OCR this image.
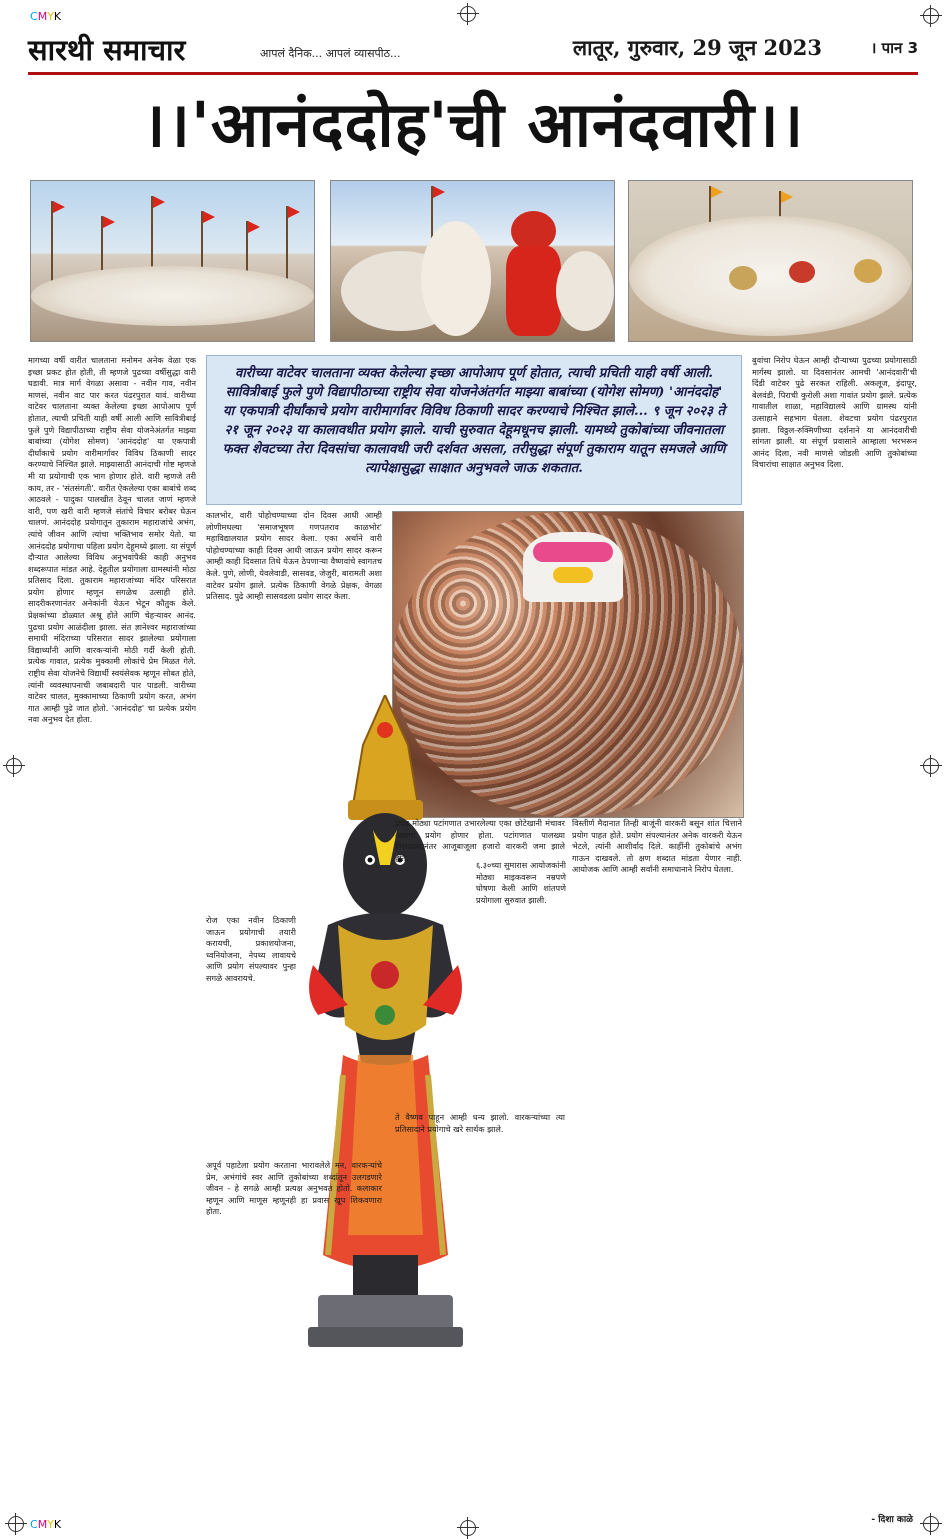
CMYK
CMYK
सारथी समाचार	आपलं दैनिक... आपलं व्यासपीठ...	लातूर, गुरुवार, 29 जून 2023	। पान 3
।।'आनंददोह'ची आनंदवारी।।
वारीच्या वाटेवर चालताना व्यक्त केलेल्या इच्छा आपोआप पूर्ण होतात, त्याची प्रचिती याही वर्षी आली. सावित्रीबाई फुले पुणे विद्यापीठाच्या राष्ट्रीय सेवा योजनेअंतर्गत माझ्या बाबांच्या (योगेश सोमण) 'आनंददोह' या एकपात्री दीर्घांकाचे प्रयोग वारीमार्गावर विविध ठिकाणी सादर करण्याचे निश्चित झाले... ९ जून २०२३ ते २१ जून २०२३ या कालावधीत प्रयोग झाले. याची सुरुवात देहूमधूनच झाली. यामध्ये तुकोबांच्या जीवनातला फक्त शेवटच्या तेरा दिवसांचा कालावधी जरी दर्शवत असला, तरीसुद्धा संपूर्ण तुकाराम यातून समजले आणि त्यापेक्षासुद्धा साक्षात अनुभवले जाऊ शकतात.
मागच्या वर्षी वारीत चालताना मनोमन अनेक वेळा एक इच्छा प्रकट होत होती, ती म्हणजे पुढच्या वर्षीसुद्धा वारी घडावी. मात्र मार्ग वेगळा असावा - नवीन गाव, नवीन माणसं, नवीन वाट पार करत पंढरपुरात यावं. वारीच्या वाटेवर चालताना व्यक्त केलेल्या इच्छा आपोआप पूर्ण होतात, त्याची प्रचिती याही वर्षी आली आणि सावित्रीबाई फुले पुणे विद्यापीठाच्या राष्ट्रीय सेवा योजनेअंतर्गत माझ्या बाबांच्या (योगेश सोमण) 'आनंददोह' या एकपात्री दीर्घांकाचे प्रयोग वारीमार्गावर विविध ठिकाणी सादर करण्याचे निश्चित झाले. माझ्यासाठी आनंदाची गोष्ट म्हणजे मी या प्रयोगाची एक भाग होणार होते. वारी म्हणजे तरी काय, तर - 'संतसंगती'. वारीत ऐकलेल्या एका बाबांचे शब्द आठवले - पादुका पालखीत ठेवून चालत जाणं म्हणजे वारी, पण खरी वारी म्हणजे संतांचे विचार बरोबर घेऊन चालणं. आनंददोह प्रयोगातून तुकाराम महाराजांचे अभंग, त्यांचे जीवन आणि त्यांचा भक्तिभाव समोर येतो. या आनंददोह प्रयोगाचा पहिला प्रयोग देहूमध्ये झाला. या संपूर्ण दौऱ्यात आलेल्या विविध अनुभवांपैकी काही अनुभव शब्दरूपात मांडत आहे. देहूतील प्रयोगाला ग्रामस्थांनी मोठा प्रतिसाद दिला. तुकाराम महाराजांच्या मंदिर परिसरात प्रयोग होणार म्हणून सगळेच उत्साही होते. सादरीकरणानंतर अनेकांनी येऊन भेटून कौतुक केले. प्रेक्षकांच्या डोळ्यात अश्रू होते आणि चेहऱ्यावर आनंद. पुढचा प्रयोग आळंदीला झाला. संत ज्ञानेश्वर महाराजांच्या समाधी मंदिराच्या परिसरात सादर झालेल्या प्रयोगाला विद्यार्थ्यांनी आणि वारकऱ्यांनी मोठी गर्दी केली होती. प्रत्येक गावात, प्रत्येक मुक्कामी लोकांचे प्रेम मिळत गेले. राष्ट्रीय सेवा योजनेचे विद्यार्थी स्वयंसेवक म्हणून सोबत होते, त्यांनी व्यवस्थापनाची जबाबदारी पार पाडली. वारीच्या वाटेवर चालत, मुक्कामाच्या ठिकाणी प्रयोग करत, अभंग गात आम्ही पुढे जात होतो. 'आनंददोह' चा प्रत्येक प्रयोग नवा अनुभव देत होता.
कालभोर, वारी पोहोचण्याच्या दोन दिवस आधी आम्ही लोणीमधल्या 'समाजभूषण गणपतराव काळभोर' महाविद्यालयात प्रयोग सादर केला. एका अर्थाने वारी पोहोचण्याच्या काही दिवस आधी जाऊन प्रयोग सादर करून आम्ही काही दिवसात तिथे येऊन ठेपणाऱ्या वैष्णवांचे स्वागतच केले. पुणे, लोणी, येवलेवाडी, सासवड, जेजुरी, बारामती अशा वाटेवर प्रयोग झाले. प्रत्येक ठिकाणी वेगळे प्रेक्षक, वेगळा प्रतिसाद. पुढे आम्ही सासवडला प्रयोग सादर केला.
रोज एका नवीन ठिकाणी जाऊन प्रयोगाची तयारी करायची, प्रकाशयोजना, ध्वनियोजना, नेपथ्य लावायचे आणि प्रयोग संपल्यावर पुन्हा सगळे आवरायचे.
अपूर्व पहाटेला प्रयोग करताना भारावलेले मन, वारकऱ्यांचे प्रेम, अभंगांचे स्वर आणि तुकोबांच्या शब्दांतून उलगडणारे जीवन - हे सगळे आम्ही प्रत्यक्ष अनुभवत होतो. कलाकार म्हणून आणि माणूस म्हणूनही हा प्रवास खूप शिकवणारा होता.
प्रचंड मोठ्या पटांगणात उभारलेल्या एका छोटेखानी मंचावर आमचा प्रयोग होणार होता. पटांगणात पालख्या विसावल्यानंतर आजूबाजूला हजारो वारकरी जमा झाले होते.
६.३०च्या सुमारास आयोजकांनी मोठ्या माइकवरून नम्रपणे घोषणा केली आणि शांतपणे प्रयोगाला सुरुवात झाली.
ते वैष्णव पाहून आम्ही धन्य झालो. वारकऱ्यांच्या त्या प्रतिसादाने प्रयोगाचे खरे सार्थक झाले.
विस्तीर्ण मैदानात तिन्ही बाजूंनी वारकरी बसून शांत चित्ताने प्रयोग पाहत होते. प्रयोग संपल्यानंतर अनेक वारकरी येऊन भेटले, त्यांनी आशीर्वाद दिले. काहींनी तुकोबांचे अभंग गाऊन दाखवले. तो क्षण शब्दात मांडता येणार नाही. आयोजक आणि आम्ही सर्वांनी समाधानाने निरोप घेतला.
बुवांचा निरोप घेऊन आम्ही दौऱ्याच्या पुढच्या प्रयोगासाठी मार्गस्थ झालो. या दिवसानंतर आमची 'आनंदवारी'ची दिंडी वाटेवर पुढे सरकत राहिली. अकलूज, इंदापूर, बेलवंडी, पिराची कुरोली अशा गावांत प्रयोग झाले. प्रत्येक गावातील शाळा, महाविद्यालये आणि ग्रामस्थ यांनी उत्साहाने सहभाग घेतला. शेवटचा प्रयोग पंढरपुरात झाला. विठ्ठल-रुक्मिणीच्या दर्शनाने या आनंदवारीची सांगता झाली. या संपूर्ण प्रवासाने आम्हाला भरभरून आनंद दिला, नवी माणसे जोडली आणि तुकोबांच्या विचारांचा साक्षात अनुभव दिला.
- दिशा काळे
